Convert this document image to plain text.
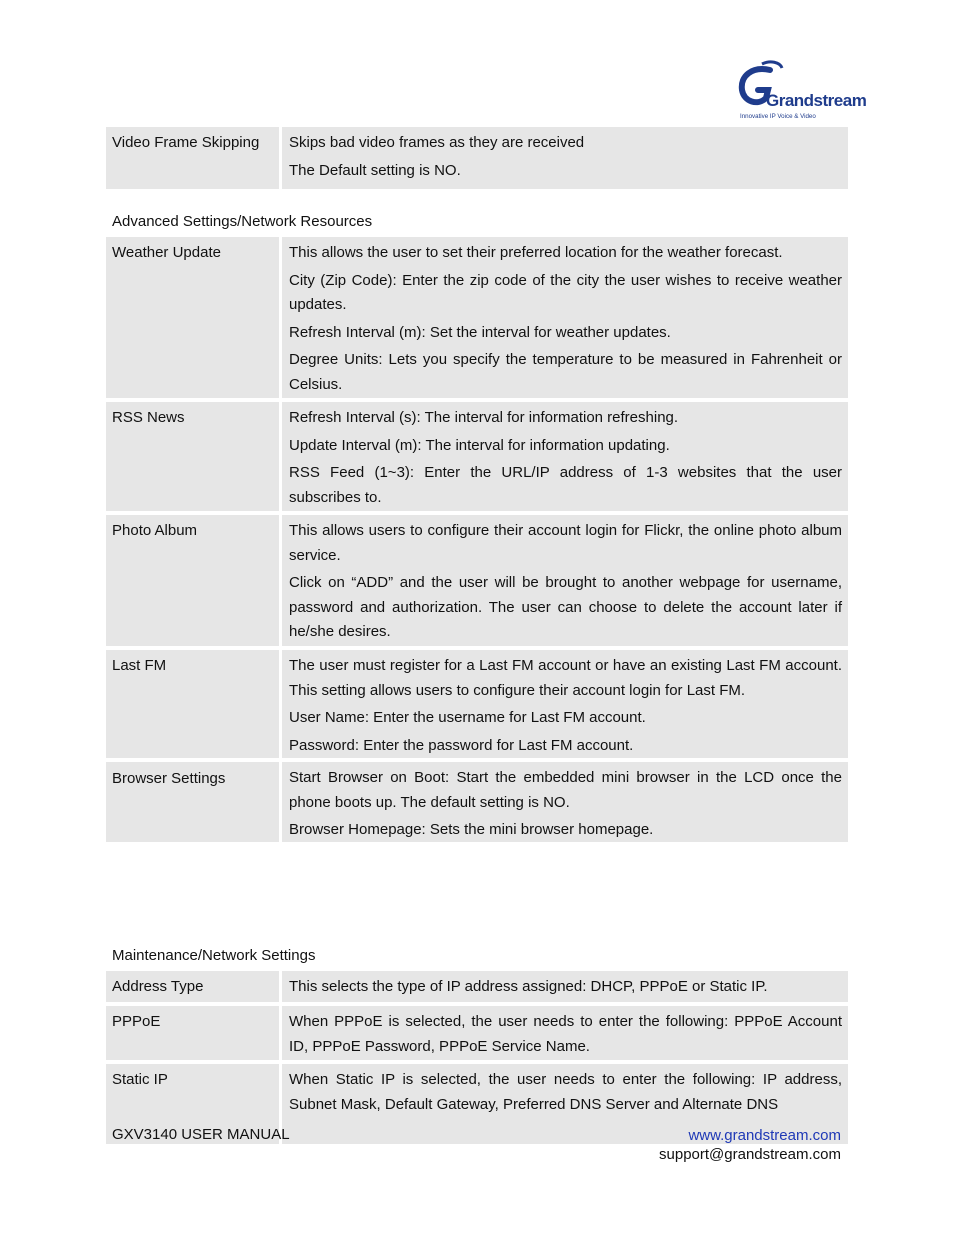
Grandstream
Innovative IP Voice & Video
Video Frame Skipping	Skips bad video frames as they are received

The Default setting is NO.

Advanced Settings/Network Resources
Weather Update	This allows the user to set their preferred location for the weather forecast.

City (Zip Code): Enter the zip code of the city the user wishes to receive weather updates.

Refresh Interval (m): Set the interval for weather updates.

Degree Units: Lets you specify the temperature to be measured in Fahrenheit or Celsius.

RSS News	Refresh Interval (s): The interval for information refreshing.

Update Interval (m): The interval for information updating.

RSS Feed (1~3): Enter the URL/IP address of 1-3 websites that the user subscribes to.

Photo Album	This allows users to configure their account login for Flickr, the online photo album service.

Click on “ADD” and the user will be brought to another webpage for username, password and authorization. The user can choose to delete the account later if he/she desires.

Last FM	The user must register for a Last FM account or have an existing Last FM account. This setting allows users to configure their account login for Last FM.

User Name: Enter the username for Last FM account.

Password: Enter the password for Last FM account.

Browser Settings	Start Browser on Boot: Start the embedded mini browser in the LCD once the phone boots up. The default setting is NO.

Browser Homepage: Sets the mini browser homepage.

Maintenance/Network Settings
Address Type	This selects the type of IP address assigned: DHCP, PPPoE or Static IP.

PPPoE	When PPPoE is selected, the user needs to enter the following: PPPoE Account ID, PPPoE Password, PPPoE Service Name.

Static IP	When Static IP is selected, the user needs to enter the following: IP address, Subnet Mask, Default Gateway, Preferred DNS Server and Alternate DNS

GXV3140 USER MANUAL	www.grandstream.com
support@grandstream.com
